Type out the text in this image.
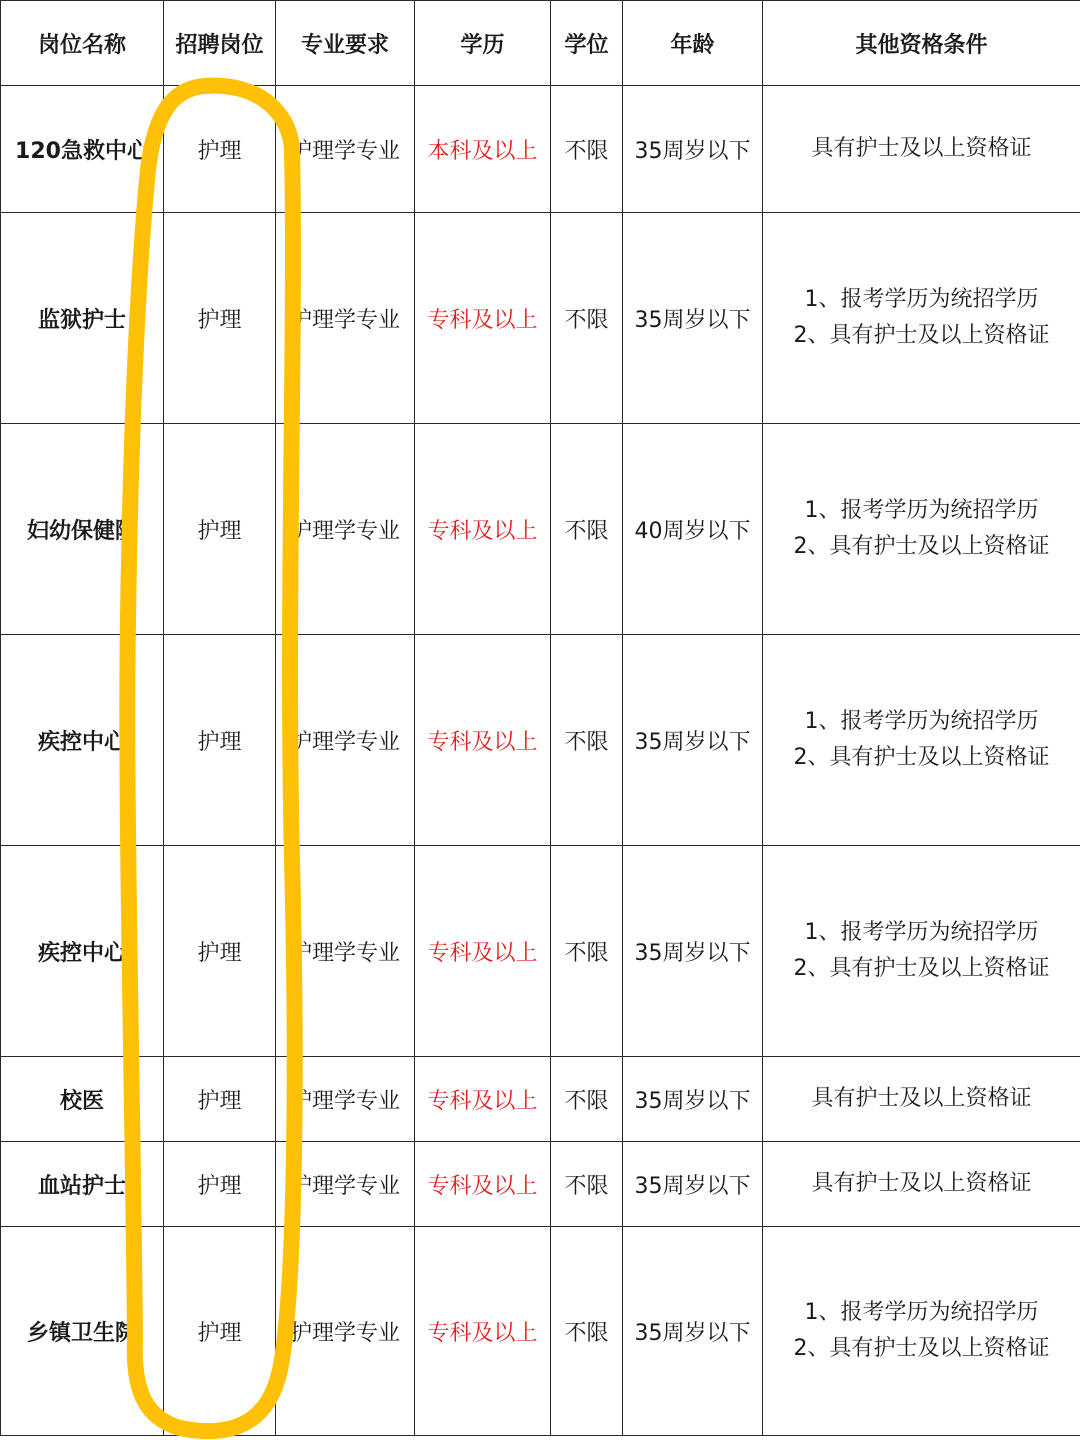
岗位名称	招聘岗位	专业要求	学历	学位	年龄	其他资格条件
120急救中心	护理	护理学专业	本科及以上	不限	35周岁以下	具有护士及以上资格证

监狱护士	护理	护理学专业	专科及以上	不限	35周岁以下	1、报考学历为统招学历
2、具有护士及以上资格证

妇幼保健院	护理	护理学专业	专科及以上	不限	40周岁以下	1、报考学历为统招学历
2、具有护士及以上资格证

疾控中心	护理	护理学专业	专科及以上	不限	35周岁以下	1、报考学历为统招学历
2、具有护士及以上资格证

疾控中心	护理	护理学专业	专科及以上	不限	35周岁以下	1、报考学历为统招学历
2、具有护士及以上资格证

校医	护理	护理学专业	专科及以上	不限	35周岁以下	具有护士及以上资格证

血站护士	护理	护理学专业	专科及以上	不限	35周岁以下	具有护士及以上资格证

乡镇卫生院	护理	护理学专业	专科及以上	不限	35周岁以下	1、报考学历为统招学历
2、具有护士及以上资格证
